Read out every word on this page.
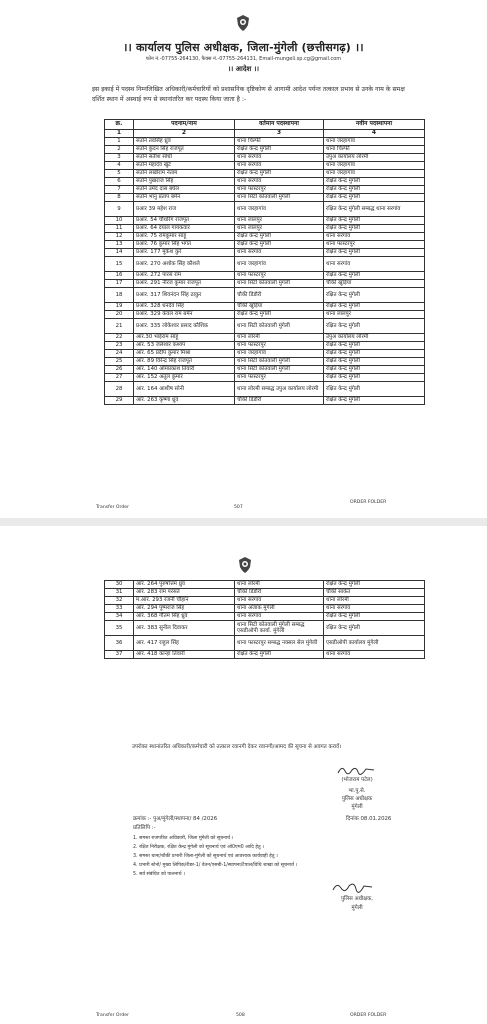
।। कार्यालय पुलिस अधीक्षक, जिला-मुंगेली (छत्तीसगढ़) ।।
फोन नं.-07755-264130, फैक्स नं.-07755-264131, Email-mungeli.sp.cg@gmail.com
।। आदेश ।।
इस इकाई में पदस्थ निम्नलिखित अधिकारी/कर्मचारियों को प्रशासनिक दृष्टिकोण से आगामी आदेश पर्यन्त तत्काल प्रभाव से उनके नाम के समक्ष दर्शित स्थान में अस्थाई रूप से स्थानांतरित कर पदस्थ किया जाता है :-
क्र.	पदनाम/नाम	वर्तमान पदस्थापना	नवीन पदस्थापना
1	2	3	4
1	सउनि तवसिंह ध्रुव	थाना चिल्फी	थाना जरहागांव
2	सउनि कुंदन सिंह राजपूत	रक्षित केन्द्र मुंगेली	थाना चिल्फी
3	सउनि सतीश सोंधी	थाना सरगांव	उपुअ कार्यालय लोरमी
4	सउनि महादेव खुंटे	थाना सरगांव	थाना जरहागांव
5	सउनि लखीराम नेताम	रक्षित केन्द्र मुंगेली	थाना जरहागांव
6	सउनि पुखराज सिंह	थाना सरगांव	रक्षित केन्द्र मुंगेली
7	सउनि उमेद दास बघेल	थाना फास्टरपुर	रक्षित केन्द्र मुंगेली
8	सउनि भानु प्रताप बर्मन	थाना सिटी कोतवाली मुंगेली	रक्षित केन्द्र मुंगेली
9	प्रआर 39 महेश राज	थाना जरहागांव	रक्षित केन्द्र मुंगेली सम्बद्ध थाना सरगांव
10	प्रआर. 54 चौधरिंग राजपूत	थाना लालपुर	रक्षित केन्द्र मुंगेली
11	प्रआर. 64 दयाल गायकवार	थाना लालपुर	रक्षित केन्द्र मुंगेली
12	प्रआर. 75 रामकुमार साहू	रक्षित केन्द्र मुंगेली	थाना सरगांव
13	प्रआर. 76 कुमार सिंह भगत	रक्षित केन्द्र मुंगेली	थाना फास्टरपुर
14	प्रआर. 177 मुकेश कुर्रे	थाना सरगांव	रक्षित केन्द्र मुंगेली
15	प्रआर. 270 अशोक सिंह कौशले	थाना जरहागांव	थाना सरगांव
16	प्रआर. 272 पारस राम	थाना फास्टरपुर	रक्षित केन्द्र मुंगेली
17	प्रआर. 291 नीरज कुमार राजपूत	थाना सिटी कोतवाली मुंगेली	चौकी खुड़िया
18	प्रआर. 317 शिवनंदन सिंह ठाकुर	चौकी डिंडौरी	रक्षित केन्द्र मुंगेली
19	प्रआर. 328 धनदेव सिंह	चौकी खुड़िया	रक्षित केन्द्र मुंगेली
20	प्रआर. 329 केवल राम बर्मन	रक्षित केन्द्र मुंगेली	थाना लालपुर
21	प्रआर. 335 लोकेश्वर प्रसाद कौशिक	थाना सिटी कोतवाली मुंगेली	रक्षित केन्द्र मुंगेली
22	आर.30 भाईराम साहू	थाना लोरमी	उपुअ कार्यालय लोरमी
23	आर. 53 जलेश्वर कश्यप	थाना फास्टरपुर	रक्षित केन्द्र मुंगेली
24	आर. 65 प्रदीप कुमार मिश्रा	थाना जरहागांव	रक्षित केन्द्र मुंगेली
25	आर. 89 विरेन्द्र सिंह राजपूत	थाना सिटी कोतवाली मुंगेली	रक्षित केन्द्र मुंगेली
26	आर. 140 ओमप्रकाश तिवारी	थाना सिटी कोतवाली मुंगेली	रक्षित केन्द्र मुंगेली
27	आर. 152 अतुल कुमार	थाना फास्टरपुर	रक्षित केन्द्र मुंगेली
28	आर. 164 आशीष सोनी	थाना लोरमी सम्बद्ध उपुअ कार्यालय लोरमी	रक्षित केन्द्र मुंगेली
29	आर. 263 कृष्णा ध्रुव	चौकी डिंडौरी	रक्षित केन्द्र मुंगेली
Transfer Order	507
ORDER FOLDER
30	आर. 264 पुरुषोत्तम ध्रुव	थाना लोरमी	रक्षित केन्द्र मुंगेली
31	आर. 283 राम परसते	चौकी डिंडौरी	चौकी साकेत
32	म.आर. 293 रजनी चौहान	थाना सरगांव	थाना लोरमी
33	आर. 294 पुष्पराज सिंह	थाना अजाक मुंगेली	थाना सरगांव
34	आर. 368 गौतम सिंह ध्रुव	थाना सरगांव	रक्षित केन्द्र मुंगेली
35	आर. 383 सुनील दिवाकर	थाना सिटी कोतवाली मुंगेली सम्बद्ध एसडीओपी कार्या. मुंगेली	रक्षित केन्द्र मुंगेली
36	आर. 417 राहुल सिंह	थाना फास्टरपुर सम्बद्ध नक्सल सेल मुंगेली	एसडीओपी कार्यालय मुंगेली
37	आर. 418 कान्हा तिवारी	रक्षित केन्द्र मुंगेली	थाना सरगांव
उपरोक्त स्थानांतरित अधिकारी/कर्मचारी को तत्काल रवानगी देकर रवानगी/आमद की सूचना से अवगत करावें।
(भोजराम पटेल)
भा.पु.से.
पुलिस अधीक्षक
मुंगेली
क्रमांक :- पुअ/मुंगेली/स्थापना/ 84 /2026	दिनांक 08.01.2026
प्रतिलिपि :-
1. समस्त राजपत्रित अधिकारी, जिला मुंगेली को सूचनार्थ ।
2. रक्षित निरीक्षक, रक्षित केन्द्र मुंगेली को सूचनार्थ एवं ओ0एम0 आदि हेतु ।
3. समस्त थाना/चौकी प्रभारी जिला-मुंगेली को सूचनार्थ एवं आवश्यक कार्यवाही हेतु ।
4. प्रभारी स्टेनो/ मुख्य लिपिक/रीडर-1/ वेतन/एसबी-1/स्थापना/टैपाल/विधि शाखा को सूचनार्थ ।
5. सर्व संबंधित को पालनार्थ ।
पुलिस अधीक्षक,
मुंगेली
Transfer Order	508	ORDER FOLDER
